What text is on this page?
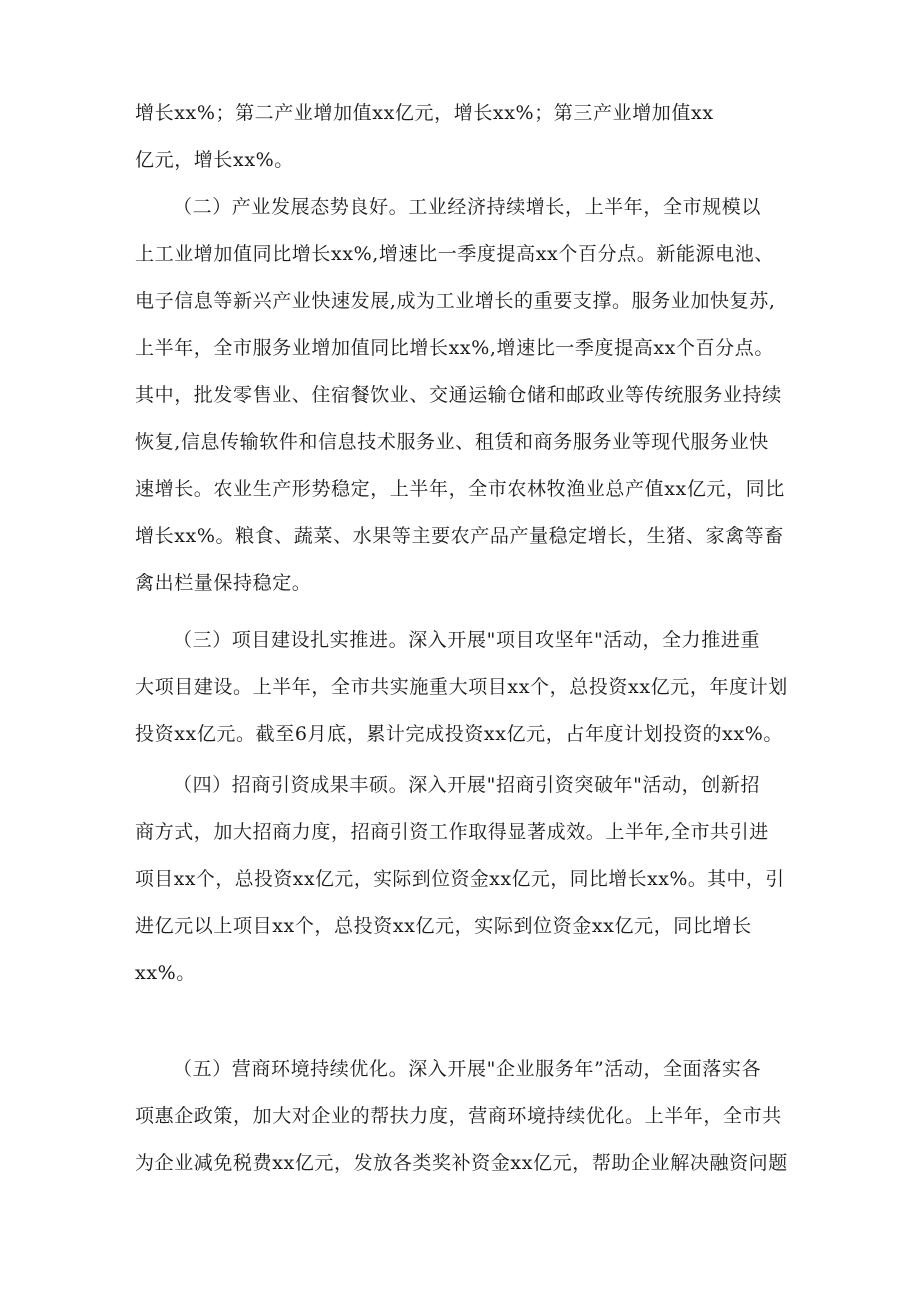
增长xx%；第二产业增加值xx亿元，增长xx%；第三产业增加值xx
亿元，增长xx%。
（二）产业发展态势良好。工业经济持续增长，上半年，全市规模以
上工业增加值同比增长xx%,增速比一季度提高xx个百分点。新能源电池、
电子信息等新兴产业快速发展,成为工业增长的重要支撑。服务业加快复苏,
上半年，全市服务业增加值同比增长xx%,增速比一季度提高xx个百分点。
其中，批发零售业、住宿餐饮业、交通运输仓储和邮政业等传统服务业持续
恢复,信息传输软件和信息技术服务业、租赁和商务服务业等现代服务业快
速增长。农业生产形势稳定，上半年，全市农林牧渔业总产值xx亿元，同比
增长xx%。粮食、蔬菜、水果等主要农产品产量稳定增长，生猪、家禽等畜
禽出栏量保持稳定。
（三）项目建设扎实推进。深入开展"项目攻坚年"活动，全力推进重
大项目建设。上半年，全市共实施重大项目xx个，总投资xx亿元，年度计划
投资xx亿元。截至6月底，累计完成投资xx亿元，占年度计划投资的xx%。
（四）招商引资成果丰硕。深入开展"招商引资突破年"活动，创新招
商方式，加大招商力度，招商引资工作取得显著成效。上半年,全市共引进
项目xx个，总投资xx亿元，实际到位资金xx亿元，同比增长xx%。其中，引
进亿元以上项目xx个，总投资xx亿元，实际到位资金xx亿元，同比增长
xx%。
（五）营商环境持续优化。深入开展"企业服务年”活动，全面落实各
项惠企政策，加大对企业的帮扶力度，营商环境持续优化。上半年，全市共
为企业减免税费xx亿元，发放各类奖补资金xx亿元，帮助企业解决融资问题
